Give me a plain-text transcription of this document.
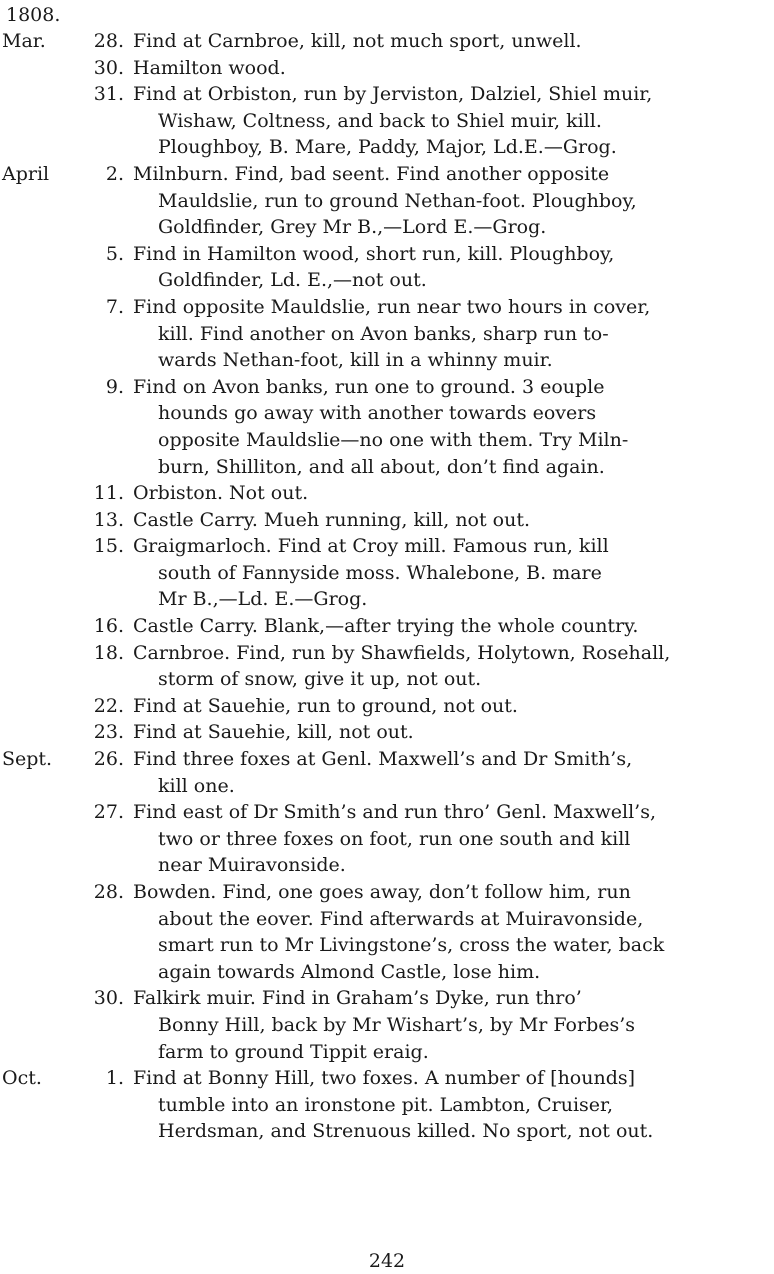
1808.
Mar.	28. Find at Carnbroe, kill, not much sport, unwell.
30. Hamilton wood.
31. Find at Orbiston, run by Jerviston, Dalziel, Shiel muir,
Wishaw, Coltness, and back to Shiel muir, kill.
Ploughboy, B. Mare, Paddy, Major, Ld.E.—Grog.
April	2. Milnburn. Find, bad seent. Find another opposite
Mauldslie, run to ground Nethan-foot. Ploughboy,
Goldfinder, Grey Mr B.,—Lord E.—Grog.
5. Find in Hamilton wood, short run, kill. Ploughboy,
Goldfinder, Ld. E.,—not out.
7. Find opposite Mauldslie, run near two hours in cover,
kill. Find another on Avon banks, sharp run to-
wards Nethan-foot, kill in a whinny muir.
9. Find on Avon banks, run one to ground. 3 eouple
hounds go away with another towards eovers
opposite Mauldslie—no one with them. Try Miln-
burn, Shilliton, and all about, don’t find again.
11. Orbiston. Not out.
13. Castle Carry. Mueh running, kill, not out.
15. Graigmarloch. Find at Croy mill. Famous run, kill
south of Fannyside moss. Whalebone, B. mare
Mr B.,—Ld. E.—Grog.
16. Castle Carry. Blank,—after trying the whole country.
18. Carnbroe. Find, run by Shawfields, Holytown, Rosehall,
storm of snow, give it up, not out.
22. Find at Sauehie, run to ground, not out.
23. Find at Sauehie, kill, not out.
Sept.	26. Find three foxes at Genl. Maxwell’s and Dr Smith’s,
kill one.
27. Find east of Dr Smith’s and run thro’ Genl. Maxwell’s,
two or three foxes on foot, run one south and kill
near Muiravonside.
28. Bowden. Find, one goes away, don’t follow him, run
about the eover. Find afterwards at Muiravonside,
smart run to Mr Livingstone’s, cross the water, back
again towards Almond Castle, lose him.
30. Falkirk muir. Find in Graham’s Dyke, run thro’
Bonny Hill, back by Mr Wishart’s, by Mr Forbes’s
farm to ground Tippit eraig.
Oct.	1. Find at Bonny Hill, two foxes. A number of [hounds]
tumble into an ironstone pit. Lambton, Cruiser,
Herdsman, and Strenuous killed. No sport, not out.
242
